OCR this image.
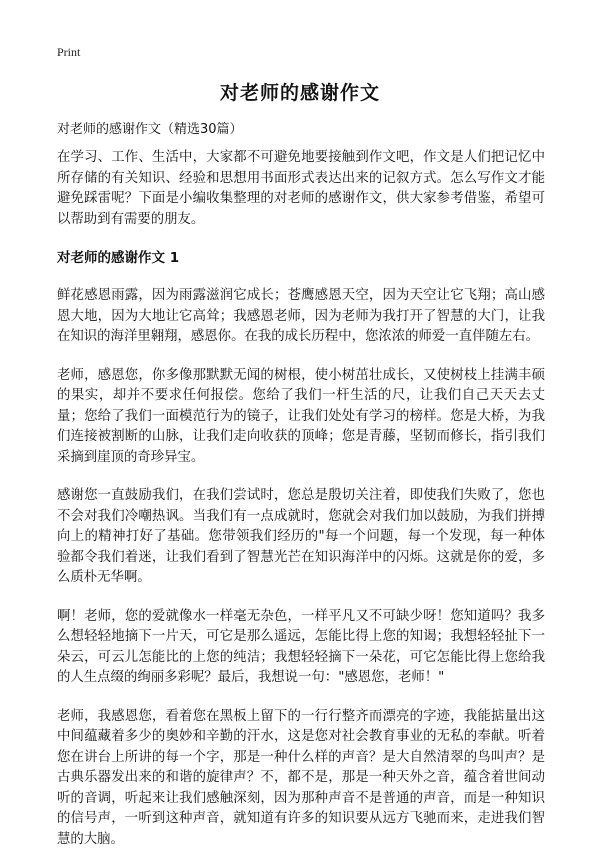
Print
对老师的感谢作文

对老师的感谢作文（精选30篇）

在学习、工作、生活中，大家都不可避免地要接触到作文吧，作文是人们把记忆中所存储的有关知识、经验和思想用书面形式表达出来的记叙方式。怎么写作文才能避免踩雷呢？下面是小编收集整理的对老师的感谢作文，供大家参考借鉴，希望可以帮助到有需要的朋友。

对老师的感谢作文 1

鲜花感恩雨露，因为雨露滋润它成长；苍鹰感恩天空，因为天空让它飞翔；高山感恩大地，因为大地让它高耸；我感恩老师，因为老师为我打开了智慧的大门，让我在知识的海洋里翱翔，感恩你。在我的成长历程中，您浓浓的师爱一直伴随左右。

老师，感恩您，你多像那默默无闻的树根，使小树茁壮成长，又使树枝上挂满丰硕的果实，却并不要求任何报偿。您给了我们一杆生活的尺，让我们自己天天去丈量；您给了我们一面模范行为的镜子，让我们处处有学习的榜样。您是大桥，为我们连接被割断的山脉，让我们走向收获的顶峰；您是青藤，坚韧而修长，指引我们采摘到崖顶的奇珍异宝。

感谢您一直鼓励我们，在我们尝试时，您总是殷切关注着，即使我们失败了，您也不会对我们冷嘲热讽。当我们有一点成就时，您就会对我们加以鼓励，为我们拼搏向上的精神打好了基础。您带领我们经历的"每一个问题，每一个发现，每一种体验都令我们着迷，让我们看到了智慧光芒在知识海洋中的闪烁。这就是你的爱，多么质朴无华啊。

啊！老师，您的爱就像水一样毫无杂色，一样平凡又不可缺少呀！您知道吗？我多么想轻轻地摘下一片天，可它是那么遥远，怎能比得上您的知谒；我想轻轻扯下一朵云，可云儿怎能比的上您的纯洁；我想轻轻摘下一朵花，可它怎能比得上您给我的人生点缀的绚丽多彩呢？最后，我想说一句："感恩您，老师！"

老师，我感恩您，看着您在黑板上留下的一行行整齐而漂亮的字迹，我能掂量出这中间蕴藏着多少的奥妙和辛勤的汗水，这是您对社会教育事业的无私的奉献。听着您在讲台上所讲的每一个字，那是一种什么样的声音？是大自然清翠的鸟叫声？是古典乐器发出来的和谐的旋律声？不，都不是，那是一种天外之音，蕴含着世间动听的音调，听起来让我们感触深刻，因为那种声音不是普通的声音，而是一种知识的信号声，一听到这种声音，就知道有许多的知识要从远方飞驰而来，走进我们智慧的大脑。
